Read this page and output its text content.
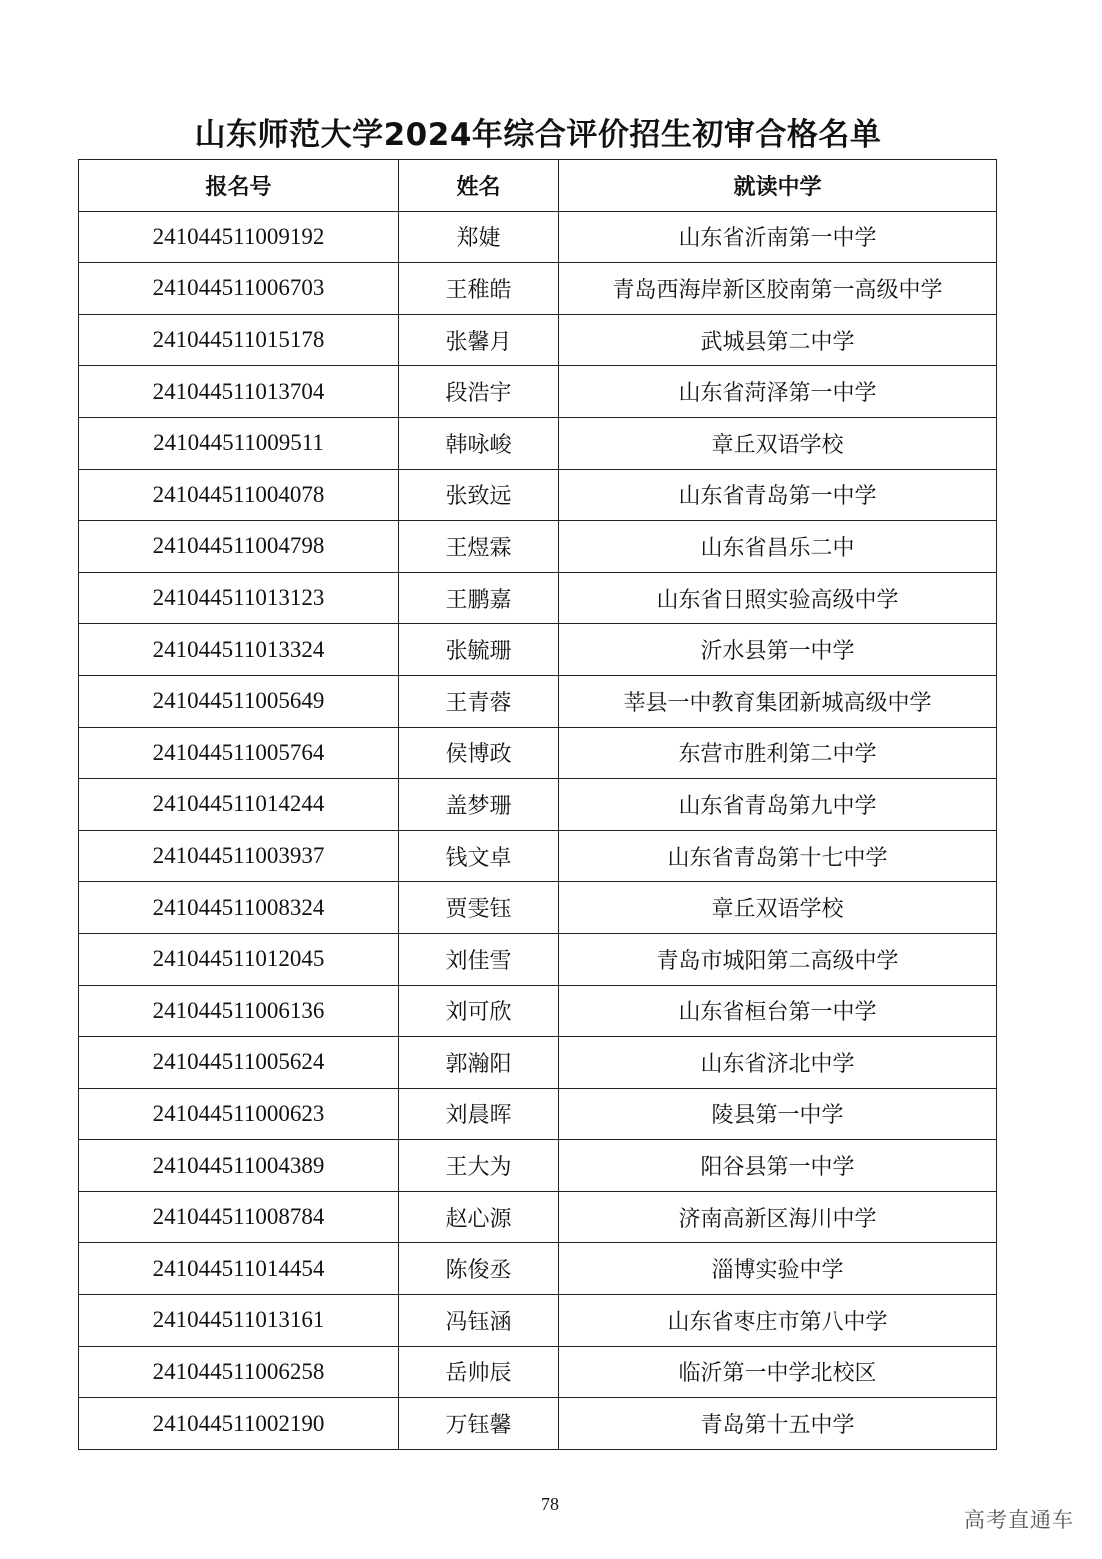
山东师范大学2024年综合评价招生初审合格名单
报名号	姓名	就读中学
241044511009192	郑婕	山东省沂南第一中学
241044511006703	王稚皓	青岛西海岸新区胶南第一高级中学
241044511015178	张馨月	武城县第二中学
241044511013704	段浩宇	山东省菏泽第一中学
241044511009511	韩咏峻	章丘双语学校
241044511004078	张致远	山东省青岛第一中学
241044511004798	王煜霖	山东省昌乐二中
241044511013123	王鹏嘉	山东省日照实验高级中学
241044511013324	张毓珊	沂水县第一中学
241044511005649	王青蓉	莘县一中教育集团新城高级中学
241044511005764	侯博政	东营市胜利第二中学
241044511014244	盖梦珊	山东省青岛第九中学
241044511003937	钱文卓	山东省青岛第十七中学
241044511008324	贾雯钰	章丘双语学校
241044511012045	刘佳雪	青岛市城阳第二高级中学
241044511006136	刘可欣	山东省桓台第一中学
241044511005624	郭瀚阳	山东省济北中学
241044511000623	刘晨晖	陵县第一中学
241044511004389	王大为	阳谷县第一中学
241044511008784	赵心源	济南高新区海川中学
241044511014454	陈俊丞	淄博实验中学
241044511013161	冯钰涵	山东省枣庄市第八中学
241044511006258	岳帅辰	临沂第一中学北校区
241044511002190	万钰馨	青岛第十五中学
78
高考直通车
